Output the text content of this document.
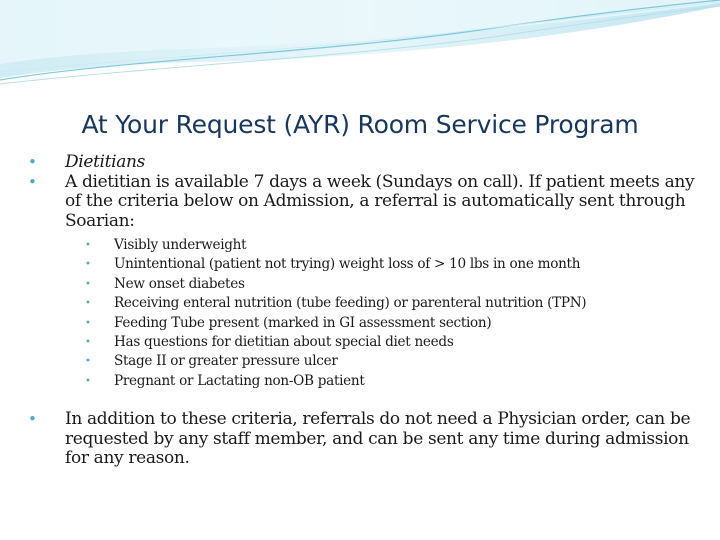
At Your Request (AYR) Room Service Program
• Dietitians
• A dietitian is available 7 days a week (Sundays on call). If patient meets any of the criteria below on Admission, a referral is automatically sent through Soarian:
• Visibly underweight
• Unintentional (patient not trying) weight loss of > 10 lbs in one month
• New onset diabetes
• Receiving enteral nutrition (tube feeding) or parenteral nutrition (TPN)
• Feeding Tube present (marked in GI assessment section)
• Has questions for dietitian about special diet needs
• Stage II or greater pressure ulcer
• Pregnant or Lactating non-OB patient
• In addition to these criteria, referrals do not need a Physician order, can be requested by any staff member, and can be sent any time during admission for any reason.
